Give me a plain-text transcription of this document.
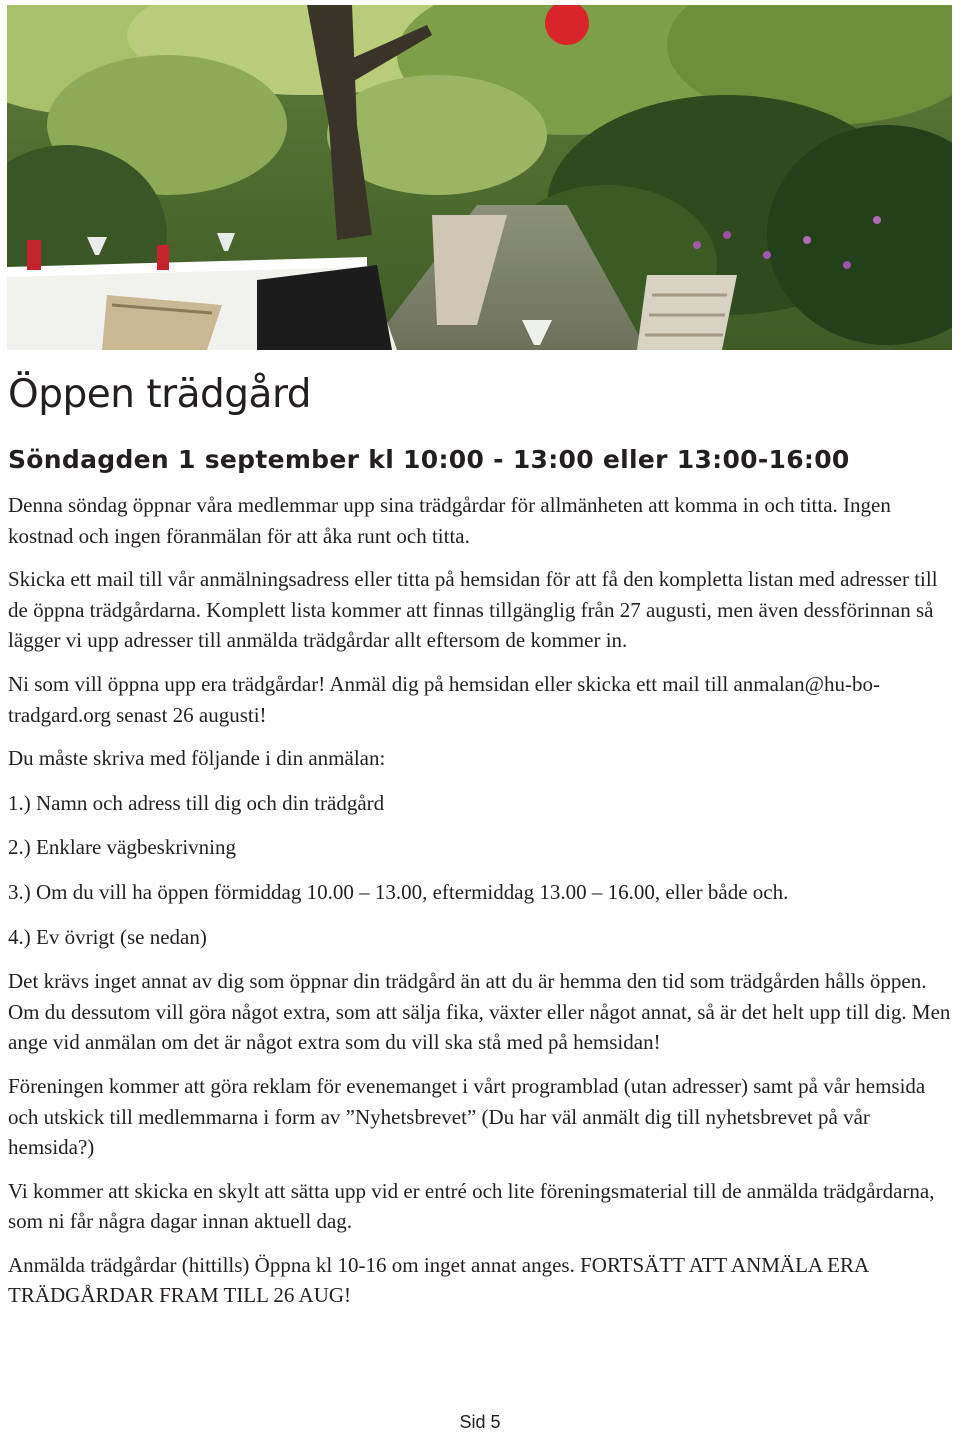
Öppen trädgård
Söndagden 1 september kl 10:00 - 13:00 eller 13:00-16:00

Denna söndag öppnar våra medlemmar upp sina trädgårdar för allmänheten att komma in och titta. Ingen kostnad och ingen föranmälan för att åka runt och titta.

Skicka ett mail till vår anmälningsadress eller titta på hemsidan för att få den kompletta listan med adresser till de öppna trädgårdarna. Komplett lista kommer att finnas tillgänglig från 27 augusti, men även dessförinnan så lägger vi upp adresser till anmälda trädgårdar allt eftersom de kommer in.

Ni som vill öppna upp era trädgårdar! Anmäl dig på hemsidan eller skicka ett mail till anmalan@hu-bo-tradgard.org senast 26 augusti!

Du måste skriva med följande i din anmälan:

1.) Namn och adress till dig och din trädgård

2.) Enklare vägbeskrivning

3.) Om du vill ha öppen förmiddag 10.00 – 13.00, eftermiddag 13.00 – 16.00, eller både och.

4.) Ev övrigt (se nedan)

Det krävs inget annat av dig som öppnar din trädgård än att du är hemma den tid som trädgården hålls öppen. Om du dessutom vill göra något extra, som att sälja fika, växter eller något annat, så är det helt upp till dig. Men ange vid anmälan om det är något extra som du vill ska stå med på hemsidan!

Föreningen kommer att göra reklam för evenemanget i vårt programblad (utan adresser) samt på vår hemsida och utskick till medlemmarna i form av ”Nyhetsbrevet” (Du har väl anmält dig till nyhetsbrevet på vår hemsida?)

Vi kommer att skicka en skylt att sätta upp vid er entré och lite föreningsmaterial till de anmälda trädgårdarna, som ni får några dagar innan aktuell dag.

Anmälda trädgårdar (hittills) Öppna kl 10-16 om inget annat anges. FORTSÄTT ATT ANMÄLA ERA TRÄDGÅRDAR FRAM TILL 26 AUG!

Sid 5
